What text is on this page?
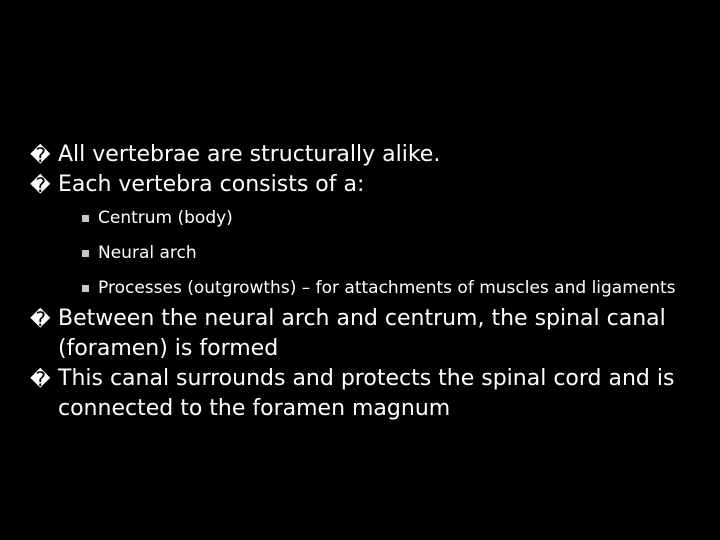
� All vertebrae are structurally alike.

� Each vertebra consists of a:

Centrum (body)

Neural arch

Processes (outgrowths) – for attachments of muscles and ligaments

� Between the neural arch and centrum, the spinal canal (foramen) is formed

� This canal surrounds and protects the spinal cord and is connected to the foramen magnum
